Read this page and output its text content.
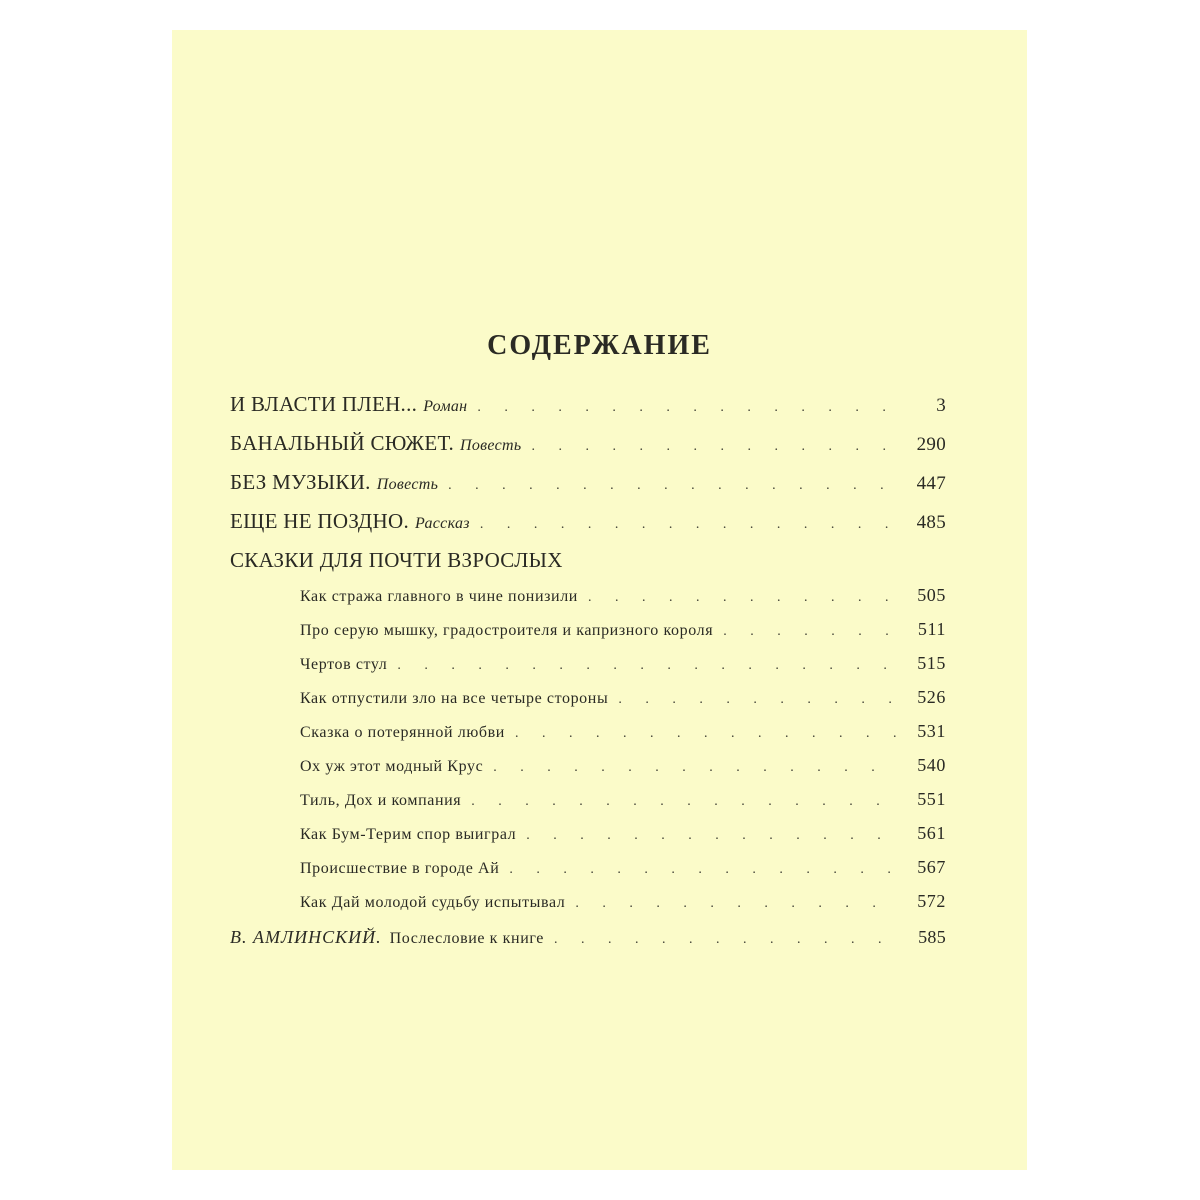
СОДЕРЖАНИЕ
И ВЛАСТИ ПЛЕН... Роман . . .	3
БАНАЛЬНЫЙ СЮЖЕТ. Повесть . . .	290
БЕЗ МУЗЫКИ. Повесть . . .	447
ЕЩЕ НЕ ПОЗДНО. Рассказ . . .	485
СКАЗКИ ДЛЯ ПОЧТИ ВЗРОСЛЫХ
Как стража главного в чине понизили . . .	505
Про серую мышку, градостроителя и капризного короля . . .	511
Чертов стул . . .	515
Как отпустили зло на все четыре стороны . . .	526
Сказка о потерянной любви . . .	531
Ох уж этот модный Крус . . .	540
Тиль, Дох и компания . . .	551
Как Бум-Терим спор выиграл . . .	561
Происшествие в городе Ай . . .	567
Как Дай молодой судьбу испытывал . . .	572
В. АМЛИНСКИЙ. Послесловие к книге . . .	585
